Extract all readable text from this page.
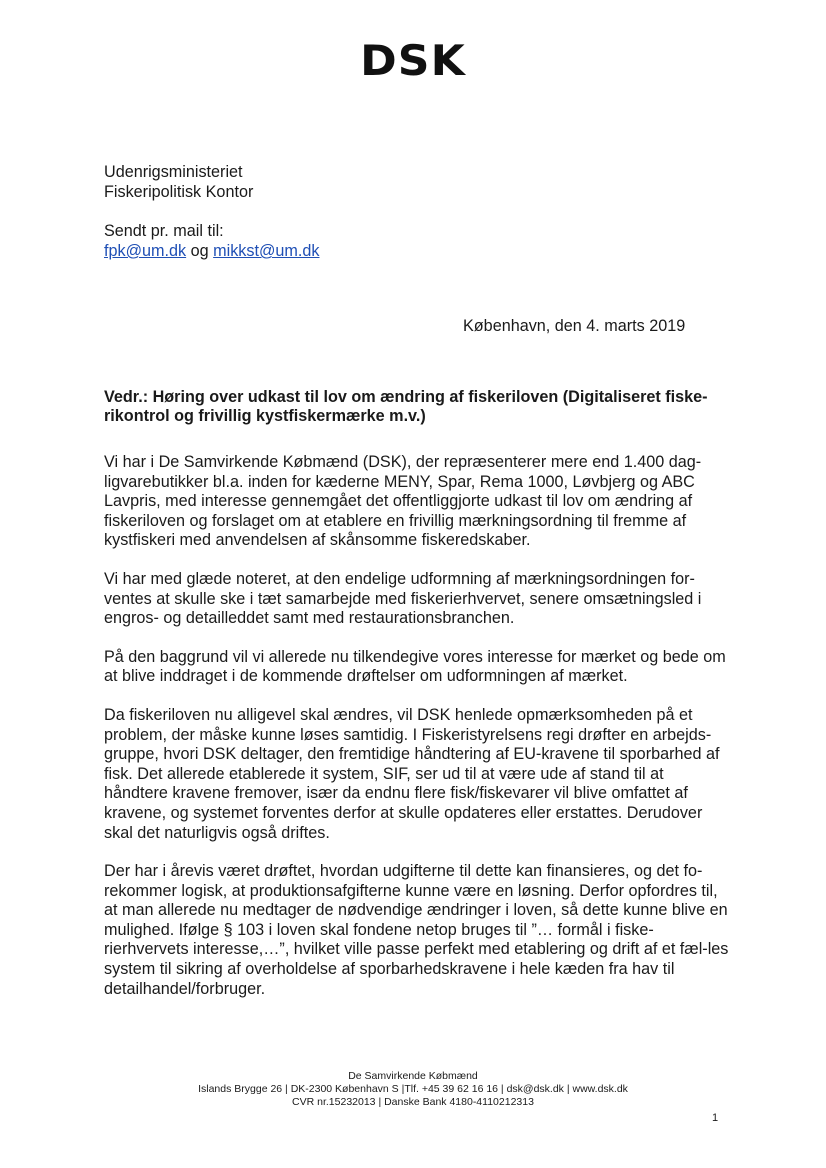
DSK
Udenrigsministeriet
Fiskeripolitisk Kontor
Sendt pr. mail til:
fpk@um.dk og mikkst@um.dk
København, den 4. marts 2019
Vedr.: Høring over udkast til lov om ændring af fiskeriloven (Digitaliseret fiske-rikontrol og frivillig kystfiskermærke m.v.)

Vi har i De Samvirkende Købmænd (DSK), der repræsenterer mere end 1.400 dag-ligvarebutikker bl.a. inden for kæderne MENY, Spar, Rema 1000, Løvbjerg og ABC Lavpris, med interesse gennemgået det offentliggjorte udkast til lov om ændring af fiskeriloven og forslaget om at etablere en frivillig mærkningsordning til fremme af kystfiskeri med anvendelsen af skånsomme fiskeredskaber.

Vi har med glæde noteret, at den endelige udformning af mærkningsordningen for-ventes at skulle ske i tæt samarbejde med fiskerierhvervet, senere omsætningsled i engros- og detailleddet samt med restaurationsbranchen.

På den baggrund vil vi allerede nu tilkendegive vores interesse for mærket og bede om at blive inddraget i de kommende drøftelser om udformningen af mærket.

Da fiskeriloven nu alligevel skal ændres, vil DSK henlede opmærksomheden på et problem, der måske kunne løses samtidig. I Fiskeristyrelsens regi drøfter en arbejds-gruppe, hvori DSK deltager, den fremtidige håndtering af EU-kravene til sporbarhed af fisk. Det allerede etablerede it system, SIF, ser ud til at være ude af stand til at håndtere kravene fremover, især da endnu flere fisk/fiskevarer vil blive omfattet af kravene, og systemet forventes derfor at skulle opdateres eller erstattes. Derudover skal det naturligvis også driftes.

Der har i årevis været drøftet, hvordan udgifterne til dette kan finansieres, og det fo-rekommer logisk, at produktionsafgifterne kunne være en løsning. Derfor opfordres til, at man allerede nu medtager de nødvendige ændringer i loven, så dette kunne blive en mulighed. Ifølge § 103 i loven skal fondene netop bruges til ”… formål i fiske-rierhvervets interesse,…”, hvilket ville passe perfekt med etablering og drift af et fæl-les system til sikring af overholdelse af sporbarhedskravene i hele kæden fra hav til detailhandel/forbruger.

De Samvirkende Købmænd
Islands Brygge 26 | DK-2300 København S |Tlf. +45 39 62 16 16 | dsk@dsk.dk | www.dsk.dk
CVR nr.15232013 | Danske Bank 4180-4110212313
1
